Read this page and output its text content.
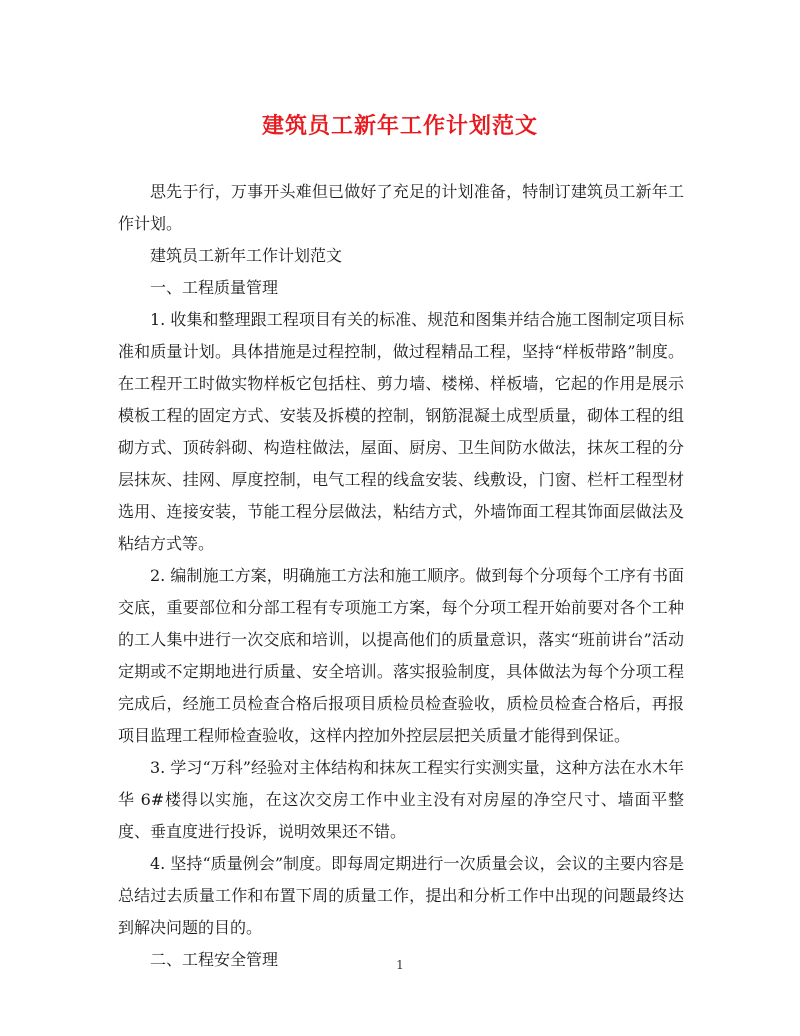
建筑员工新年工作计划范文

思先于行，万事开头难但已做好了充足的计划准备，特制订建筑员工新年工作计划。

建筑员工新年工作计划范文

一、工程质量管理

1. 收集和整理跟工程项目有关的标准、规范和图集并结合施工图制定项目标准和质量计划。具体措施是过程控制，做过程精品工程，坚持“样板带路”制度。在工程开工时做实物样板它包括柱、剪力墙、楼梯、样板墙，它起的作用是展示模板工程的固定方式、安装及拆模的控制，钢筋混凝土成型质量，砌体工程的组砌方式、顶砖斜砌、构造柱做法，屋面、厨房、卫生间防水做法，抹灰工程的分层抹灰、挂网、厚度控制，电气工程的线盒安装、线敷设，门窗、栏杆工程型材选用、连接安装，节能工程分层做法，粘结方式，外墙饰面工程其饰面层做法及粘结方式等。

2. 编制施工方案，明确施工方法和施工顺序。做到每个分项每个工序有书面交底，重要部位和分部工程有专项施工方案，每个分项工程开始前要对各个工种的工人集中进行一次交底和培训，以提高他们的质量意识，落实“班前讲台”活动定期或不定期地进行质量、安全培训。落实报验制度，具体做法为每个分项工程完成后，经施工员检查合格后报项目质检员检查验收，质检员检查合格后，再报项目监理工程师检查验收，这样内控加外控层层把关质量才能得到保证。

3. 学习“万科”经验对主体结构和抹灰工程实行实测实量，这种方法在水木年华 6#楼得以实施，在这次交房工作中业主没有对房屋的净空尺寸、墙面平整度、垂直度进行投诉，说明效果还不错。

4. 坚持“质量例会”制度。即每周定期进行一次质量会议，会议的主要内容是总结过去质量工作和布置下周的质量工作，提出和分析工作中出现的问题最终达到解决问题的目的。

二、工程安全管理	1
